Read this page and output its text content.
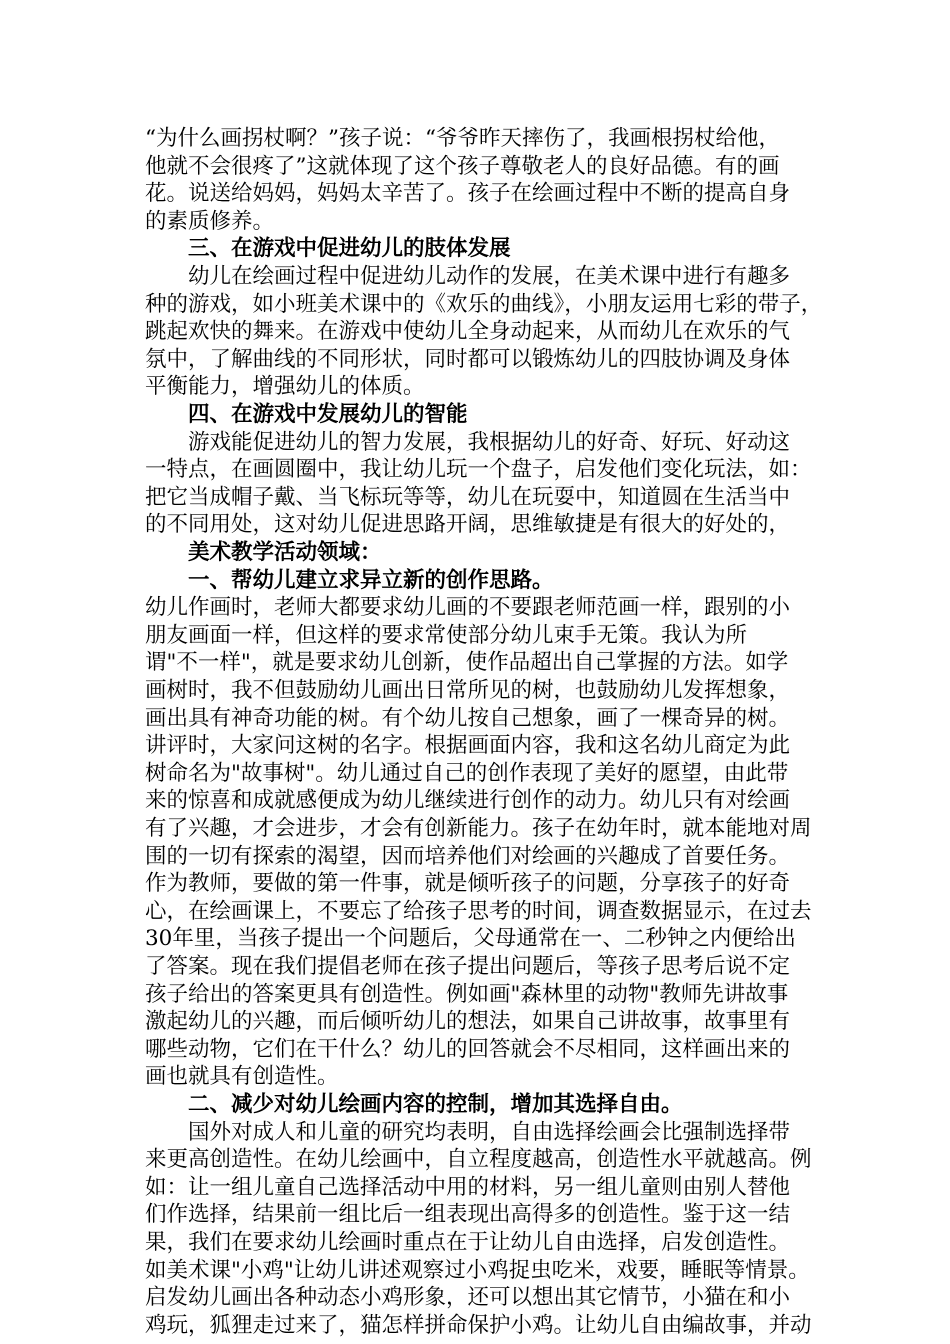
“为什么画拐杖啊？”孩子说：“爷爷昨天摔伤了，我画根拐杖给他，
他就不会很疼了”这就体现了这个孩子尊敬老人的良好品德。有的画
花。说送给妈妈，妈妈太辛苦了。孩子在绘画过程中不断的提高自身
的素质修养。
三、在游戏中促进幼儿的肢体发展
幼儿在绘画过程中促进幼儿动作的发展，在美术课中进行有趣多
种的游戏，如小班美术课中的《欢乐的曲线》，小朋友运用七彩的带子，
跳起欢快的舞来。在游戏中使幼儿全身动起来，从而幼儿在欢乐的气
氛中，了解曲线的不同形状，同时都可以锻炼幼儿的四肢协调及身体
平衡能力，增强幼儿的体质。
四、在游戏中发展幼儿的智能
游戏能促进幼儿的智力发展，我根据幼儿的好奇、好玩、好动这
一特点，在画圆圈中，我让幼儿玩一个盘子，启发他们变化玩法，如：
把它当成帽子戴、当飞标玩等等，幼儿在玩耍中，知道圆在生活当中
的不同用处，这对幼儿促进思路开阔，思维敏捷是有很大的好处的，
美术教学活动领域：
一、帮幼儿建立求异立新的创作思路。
幼儿作画时，老师大都要求幼儿画的不要跟老师范画一样，跟别的小
朋友画面一样，但这样的要求常使部分幼儿束手无策。我认为所
谓"不一样"，就是要求幼儿创新，使作品超出自己掌握的方法。如学
画树时，我不但鼓励幼儿画出日常所见的树，也鼓励幼儿发挥想象，
画出具有神奇功能的树。有个幼儿按自己想象，画了一棵奇异的树。
讲评时，大家问这树的名字。根据画面内容，我和这名幼儿商定为此
树命名为"故事树"。幼儿通过自己的创作表现了美好的愿望，由此带
来的惊喜和成就感便成为幼儿继续进行创作的动力。幼儿只有对绘画
有了兴趣，才会进步，才会有创新能力。孩子在幼年时，就本能地对周
围的一切有探索的渴望，因而培养他们对绘画的兴趣成了首要任务。
作为教师，要做的第一件事，就是倾听孩子的问题，分享孩子的好奇
心，在绘画课上，不要忘了给孩子思考的时间，调查数据显示，在过去
30年里，当孩子提出一个问题后，父母通常在一、二秒钟之内便给出
了答案。现在我们提倡老师在孩子提出问题后，等孩子思考后说不定
孩子给出的答案更具有创造性。例如画"森林里的动物"教师先讲故事
激起幼儿的兴趣，而后倾听幼儿的想法，如果自己讲故事，故事里有
哪些动物，它们在干什么？幼儿的回答就会不尽相同，这样画出来的
画也就具有创造性。
二、减少对幼儿绘画内容的控制，增加其选择自由。
国外对成人和儿童的研究均表明，自由选择绘画会比强制选择带
来更高创造性。在幼儿绘画中，自立程度越高，创造性水平就越高。例
如：让一组儿童自己选择活动中用的材料，另一组儿童则由别人替他
们作选择，结果前一组比后一组表现出高得多的创造性。鉴于这一结
果，我们在要求幼儿绘画时重点在于让幼儿自由选择，启发创造性。
如美术课"小鸡"让幼儿讲述观察过小鸡捉虫吃米，戏要，睡眠等情景。
启发幼儿画出各种动态小鸡形象，还可以想出其它情节，小猫在和小
鸡玩，狐狸走过来了，猫怎样拼命保护小鸡。让幼儿自由编故事，并动
